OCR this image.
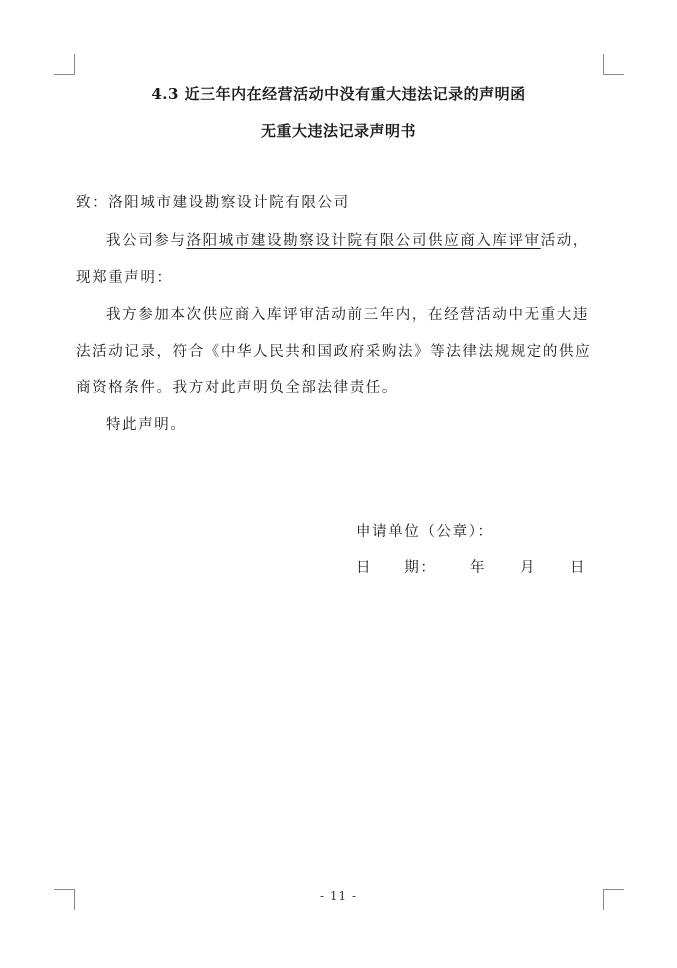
4.3 近三年内在经营活动中没有重大违法记录的声明函
无重大违法记录声明书
致：洛阳城市建设勘察设计院有限公司
我公司参与洛阳城市建设勘察设计院有限公司供应商入库评审活动，
现郑重声明：
我方参加本次供应商入库评审活动前三年内，在经营活动中无重大违
法活动记录，符合《中华人民共和国政府采购法》等法律法规规定的供应
商资格条件。我方对此声明负全部法律责任。
特此声明。
申请单位（公章）：
日　　期： 年 月 日
- 11 -
